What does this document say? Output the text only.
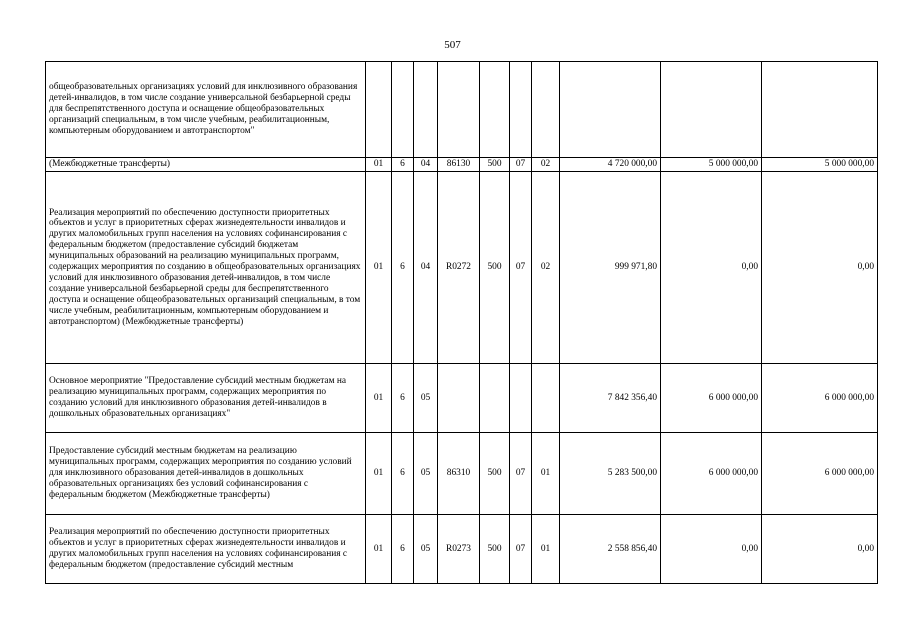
507
общеобразовательных организациях условий для инклюзивного образования детей-инвалидов, в том числе создание универсальной безбарьерной среды для беспрепятственного доступа и оснащение общеобразовательных организаций специальным, в том числе учебным, реабилитационным, компьютерным оборудованием и автотранспортом"										
(Межбюджетные трансферты)	01	6	04	86130	500	07	02	4 720 000,00	5 000 000,00	5 000 000,00
Реализация мероприятий по обеспечению доступности приоритетных объектов и услуг в приоритетных сферах жизнедеятельности инвалидов и других маломобильных групп населения на условиях софинансирования с федеральным бюджетом (предоставление субсидий бюджетам муниципальных образований на реализацию муниципальных программ, содержащих мероприятия по созданию в общеобразовательных организациях условий для инклюзивного образования детей-инвалидов, в том числе создание универсальной безбарьерной среды для беспрепятственного доступа и оснащение общеобразовательных организаций специальным, в том числе учебным, реабилитационным, компьютерным оборудованием и автотранспортом) (Межбюджетные трансферты)	01	6	04	R0272	500	07	02	999 971,80	0,00	0,00
Основное мероприятие "Предоставление субсидий местным бюджетам на реализацию муниципальных программ, содержащих мероприятия по созданию условий для инклюзивного образования детей-инвалидов в дошкольных образовательных организациях"	01	6	05					7 842 356,40	6 000 000,00	6 000 000,00
Предоставление субсидий местным бюджетам на реализацию муниципальных программ, содержащих мероприятия по созданию условий для инклюзивного образования детей-инвалидов в дошкольных образовательных организациях без условий софинансирования с федеральным бюджетом (Межбюджетные трансферты)	01	6	05	86310	500	07	01	5 283 500,00	6 000 000,00	6 000 000,00
Реализация мероприятий по обеспечению доступности приоритетных объектов и услуг в приоритетных сферах жизнедеятельности инвалидов и других маломобильных групп населения на условиях софинансирования с федеральным бюджетом (предоставление субсидий местным	01	6	05	R0273	500	07	01	2 558 856,40	0,00	0,00
